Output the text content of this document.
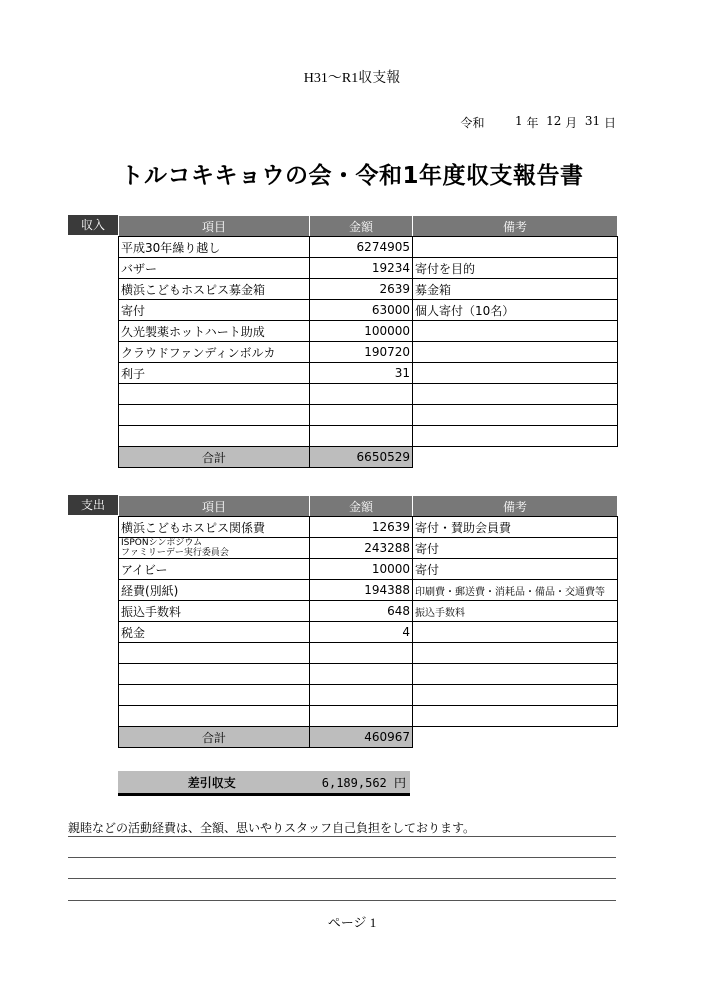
H31〜R1収支報
令和
	1
年
12
月
31
日
トルコキキョウの会・令和1年度収支報告書
収入	項目	金額	備考
平成30年繰り越し	6274905	
バザー	19234	寄付を目的
横浜こどもホスピス募金箱	2639	募金箱
寄付	63000	個人寄付（10名）
久光製薬ホットハート助成	100000	
クラウドファンディンボルカ	190720	
利子	31	

合計	6650529	
支出	項目	金額	備考
横浜こどもホスピス関係費	12639	寄付・賛助会員費

ISPONシンポジウム
ファミリーデー実行委員会	243288	寄付
アイビー	10000	寄付
経費(別紙)	194388	印刷費・郵送費・消耗品・備品・交通費等
振込手数料	648	振込手数料
税金	4	

合計	460967	
差引収支	6,189,562 円
親睦などの活動経費は、全額、思いやりスタッフ自己負担をしております。
ページ 1
